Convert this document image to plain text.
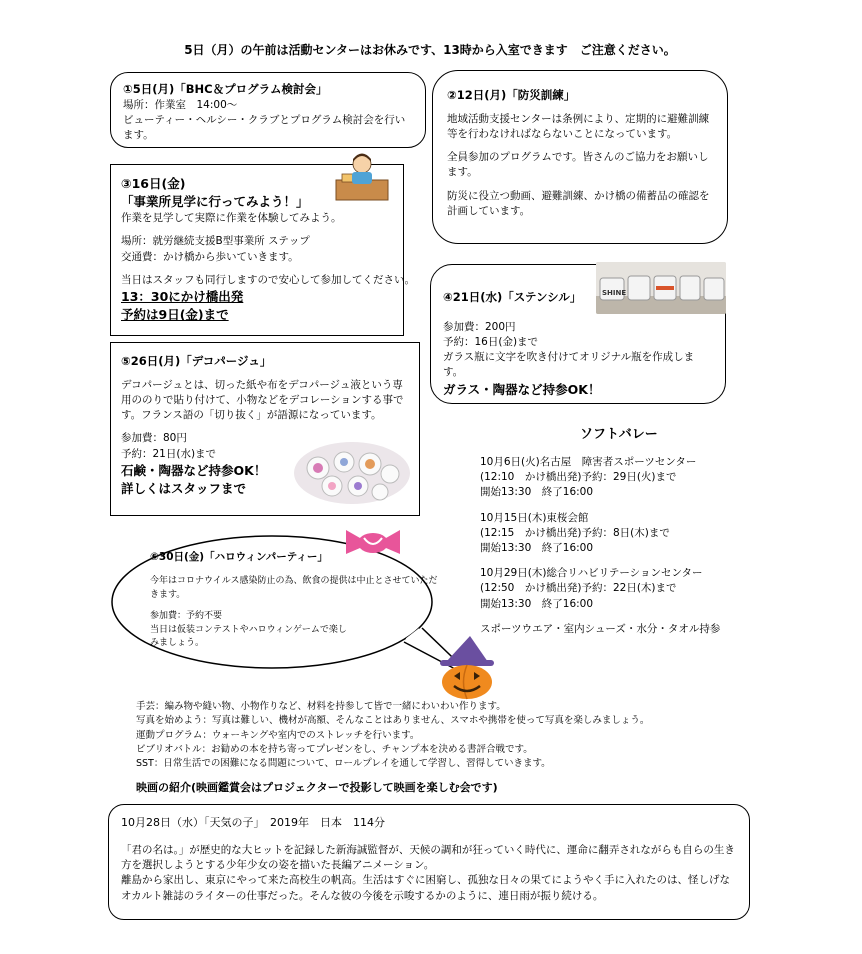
5日（月）の午前は活動センターはお休みです、13時から入室できます　ご注意ください。
①5日(月)「BHC＆プログラム検討会」
場所：作業室　14:00～
ビューティー・ヘルシー・クラブとプログラム検討会を行います。
②12日(月)「防災訓練」
地域活動支援センターは条例により、定期的に避難訓練等を行わなければならないことになっています。
全員参加のプログラムです。皆さんのご協力をお願いします。
防災に役立つ動画、避難訓練、かけ橋の備蓄品の確認を計画しています。
③16日(金)
「事業所見学に行ってみよう！」
作業を見学して実際に作業を体験してみよう。
場所：就労継続支援B型事業所 ステップ
交通費：かけ橋から歩いていきます。
当日はスタッフも同行しますので安心して参加してください。
13：30にかけ橋出発
予約は9日(金)まで
④21日(水)「ステンシル」
参加費：200円
予約：16日(金)まで
ガラス瓶に文字を吹き付けてオリジナル瓶を作成します。
ガラス・陶器など持参OK！
SHINE
⑤26日(月)「デコパージュ」
デコパージュとは、切った紙や布をデコパージュ液という専用ののりで貼り付けて、小物などをデコレーションする事です。フランス語の「切り抜く」が語源になっています。
参加費：80円
予約：21日(水)まで
石鹸・陶器など持参OK！
詳しくはスタッフまで
ソフトバレー
10月6日(火)名古屋　障害者スポーツセンター
(12:10　かけ橋出発)予約：29日(火)まで
開始13:30　終了16:00
10月15日(木)東桜会館
(12:15　かけ橋出発)予約：8日(木)まで
開始13:30　終了16:00
10月29日(木)総合リハビリテーションセンター
(12:50　かけ橋出発)予約：22日(木)まで
開始13:30　終了16:00
スポーツウエア・室内シューズ・水分・タオル持参
⑥30日(金)「ハロウィンパーティー」
今年はコロナウイルス感染防止の為、飲食の提供は中止とさせていただきます。
参加費：予約不要
当日は仮装コンテストやハロウィンゲームで楽しみましょう。
手芸：編み物や縫い物、小物作りなど、材料を持参して皆で一緒にわいわい作ります。
写真を始めよう：写真は難しい、機材が高額、そんなことはありません、スマホや携帯を使って写真を楽しみましょう。
運動プログラム：ウォーキングや室内でのストレッチを行います。
ビブリオバトル：お勧めの本を持ち寄ってプレゼンをし、チャンプ本を決める書評合戦です。
SST：日常生活での困難になる問題について、ロールプレイを通して学習し、習得していきます。
映画の紹介(映画鑑賞会はプロジェクターで投影して映画を楽しむ会です)
10月28日（水）「天気の子」　2019年　日本　114分
「君の名は。」が歴史的な大ヒットを記録した新海誠監督が、天候の調和が狂っていく時代に、運命に翻弄されながらも自らの生き方を選択しようとする少年少女の姿を描いた長編アニメーション。
離島から家出し、東京にやって来た高校生の帆高。生活はすぐに困窮し、孤独な日々の果てにようやく手に入れたのは、怪しげなオカルト雑誌のライターの仕事だった。そんな彼の今後を示唆するかのように、連日雨が振り続ける。
